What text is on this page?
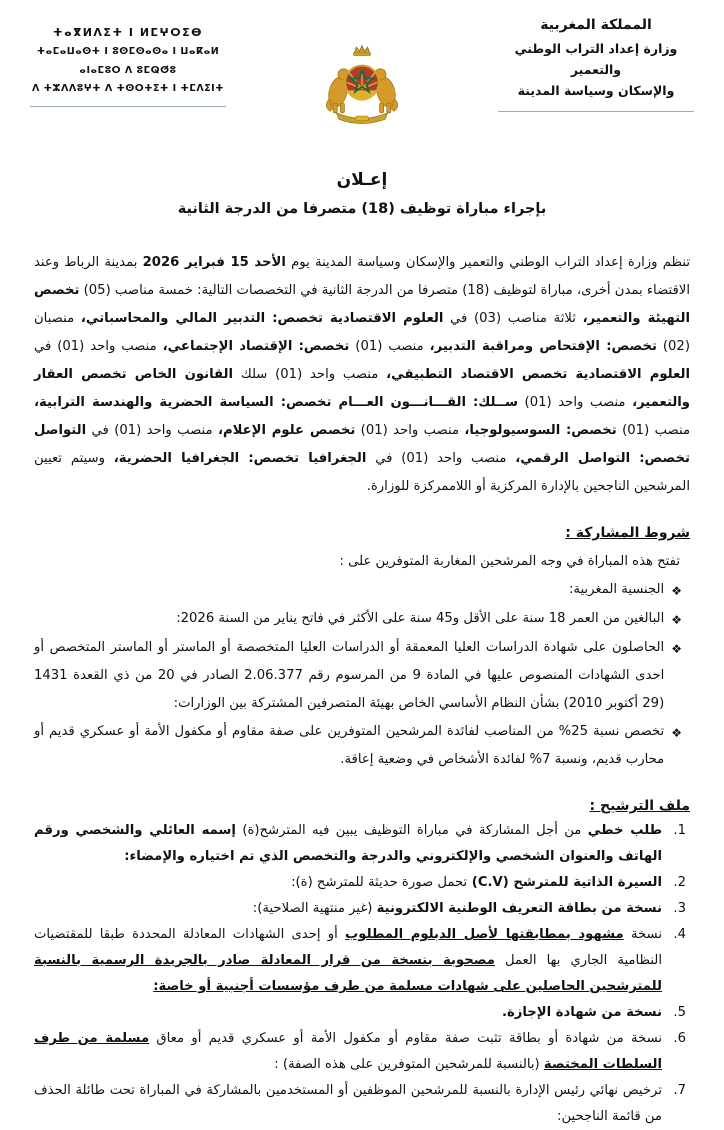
ⵜⴰⴳⵍⴷⵉⵜ ⵏ ⵍⵎⵖⵔⵉⴱ
ⵜⴰⵎⴰⵡⴰⵙⵜ ⵏ ⵓⵙⵎⵙⴰⵙⴰ ⵏ ⵡⴰⴽⴰⵍ ⴰⵏⴰⵎⵓⵔ ⴷ ⵓⵎⵕⵚⵓ
ⴷ ⵜⵣⴷⴷⵓⵖⵜ ⴷ ⵜⵙⵔⵜⵉⵜ ⵏ ⵜⵎⴷⵉⵏⵜ
المملكة المغربية
وزارة إعداد التراب الوطني والتعمير
والإسكان وسياسة المدينة
إعـلان
بإجراء مباراة توظيف (18) متصرفا من الدرجة الثانية

تنظم وزارة إعداد التراب الوطني والتعمير والإسكان وسياسة المدينة يوم الأحد 15 فبراير 2026 بمدينة الرباط وعند الاقتضاء بمدن أخرى، مباراة لتوظيف (18) متصرفا من الدرجة الثانية في التخصصات التالية: خمسة مناصب (05) تخصص التهيئة والتعمير، ثلاثة مناصب (03) في العلوم الاقتصادية تخصص: التدبير المالي والمحاسباتي، منصبان (02) تخصص: الإفتحاص ومراقبة التدبير، منصب (01) تخصص: الإقتصاد الإجتماعي، منصب واحد (01) في العلوم الاقتصادية تخصص الاقتصاد التطبيقي، منصب واحد (01) سلك القانون الخاص تخصص العقار والتعمير، منصب واحد (01) ســلك: القـــانـــون العـــام تخصص: السياسة الحضرية والهندسة الترابية، منصب (01) تخصص: السوسيولوجيا، منصب واحد (01) تخصص علوم الإعلام، منصب واحد (01) في التواصل تخصص: التواصل الرقمي، منصب واحد (01) في الجغرافيا تخصص: الجغرافيا الحضرية، وسيتم تعيين المرشحين الناجحين بالإدارة المركزية أو اللاممركزة للوزارة.

شروط المشاركة :
تفتح هذه المباراة في وجه المرشحين المغاربة المتوفرين على :
❖
الجنسية المغربية:
❖
البالغين من العمر 18 سنة على الأقل و45 سنة على الأكثر في فاتح يناير من السنة 2026:
❖
الحاصلون على شهادة الدراسات العليا المعمقة أو الدراسات العليا المتخصصة أو الماستر أو الماستر المتخصص أو احدى الشهادات المنصوص عليها في المادة 9 من المرسوم رقم 2.06.377 الصادر في 20 من ذي القعدة 1431 (29 أكتوبر 2010) بشأن النظام الأساسي الخاص بهيئة المتصرفين المشتركة بين الوزارات:
❖
تخصص نسبة 25% من المناصب لفائدة المرشحين المتوفرين على صفة مقاوم أو مكفول الأمة أو عسكري قديم أو محارب قديم، ونسبة 7% لفائدة الأشخاص في وضعية إعاقة.
ملف الترشيح :
1.
طلب خطي من أجل المشاركة في مباراة التوظيف يبين فيه المترشح(ة) إسمه العائلي والشخصي ورقم الهاتف والعنوان الشخصي والإلكتروني والدرجة والتخصص الذي تم اختياره والإمضاء:
2.
السيرة الذاتية للمترشح (C.V) تحمل صورة حديثة للمترشح (ة):
3.
نسخة من بطاقة التعريف الوطنية الالكترونية (غير منتهية الصلاحية):
4.
نسخة مشهود بمطابقتها لأصل الدبلوم المطلوب أو إحدى الشهادات المعادلة المحددة طبقا للمقتضيات النظامية الجاري بها العمل مصحوبة بنسخة من قرار المعادلة صادر بالجريدة الرسمية بالنسبة للمترشحين الحاصلين على شهادات مسلمة من طرف مؤسسات أجنبية أو خاصة:
5.
نسخة من شهادة الإجازة.
6.
نسخة من شهادة أو بطاقة تثبت صفة مقاوم أو مكفول الأمة أو عسكري قديم أو معاق مسلمة من طرف السلطات المختصة (بالنسبة للمرشحين المتوفرين على هذه الصفة) :
7.
ترخيص نهائي رئيس الإدارة بالنسبة للمرشحين الموظفين أو المستخدمين بالمشاركة في المباراة تحت طائلة الحذف من قائمة الناجحين:
